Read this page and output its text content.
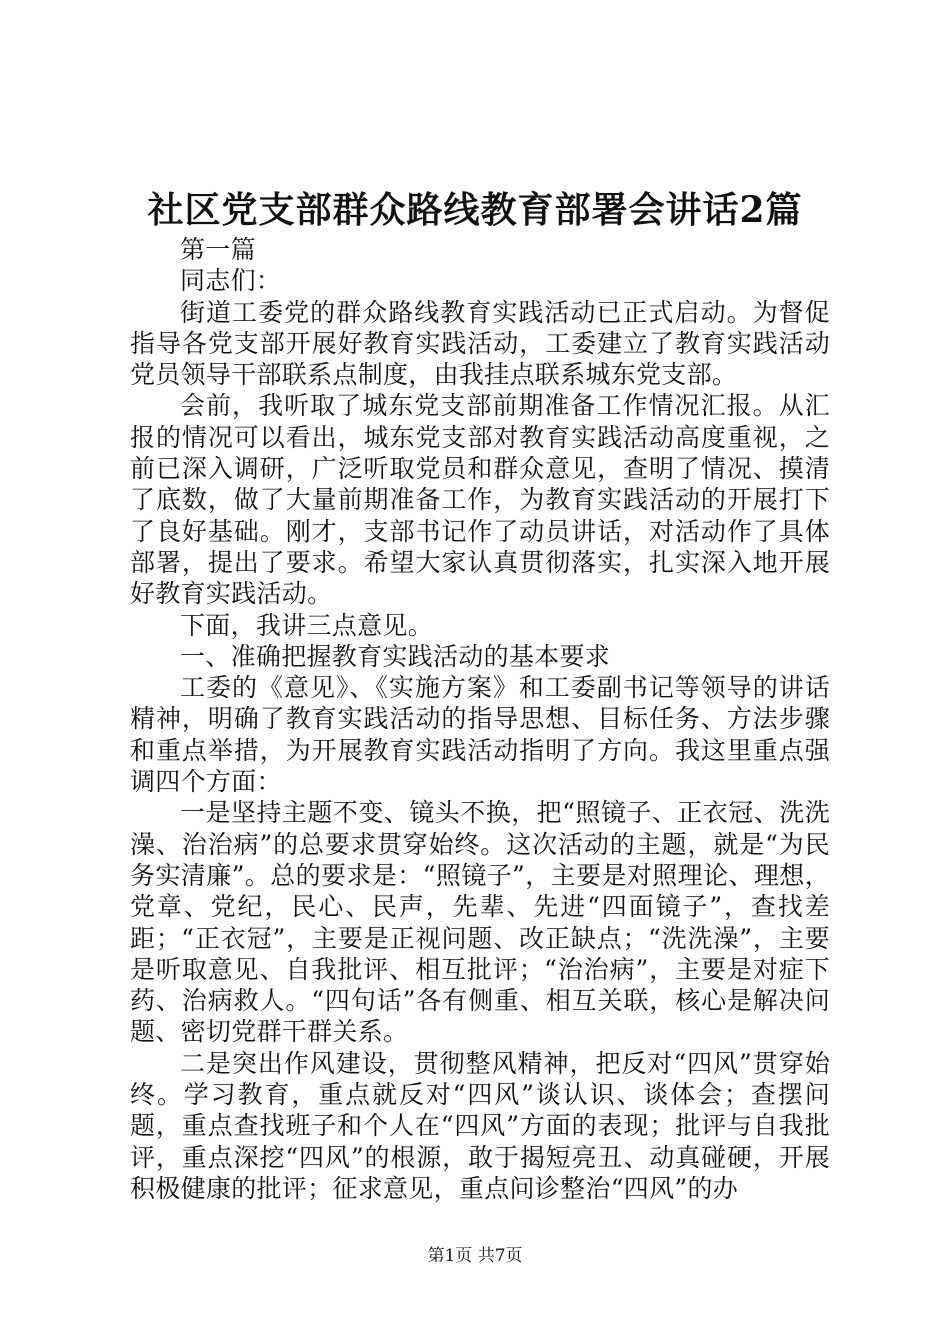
社区党支部群众路线教育部署会讲话2篇

第一篇

同志们：

街道工委党的群众路线教育实践活动已正式启动。为督促指导各党支部开展好教育实践活动，工委建立了教育实践活动党员领导干部联系点制度，由我挂点联系城东党支部。

会前，我听取了城东党支部前期准备工作情况汇报。从汇报的情况可以看出，城东党支部对教育实践活动高度重视，之前已深入调研，广泛听取党员和群众意见，查明了情况、摸清了底数，做了大量前期准备工作，为教育实践活动的开展打下了良好基础。刚才，支部书记作了动员讲话，对活动作了具体部署，提出了要求。希望大家认真贯彻落实，扎实深入地开展好教育实践活动。

下面，我讲三点意见。

一、准确把握教育实践活动的基本要求

工委的《意见》、《实施方案》和工委副书记等领导的讲话精神，明确了教育实践活动的指导思想、目标任务、方法步骤和重点举措，为开展教育实践活动指明了方向。我这里重点强调四个方面：

一是坚持主题不变、镜头不换，把“照镜子、正衣冠、洗洗澡、治治病”的总要求贯穿始终。这次活动的主题，就是“为民务实清廉”。总的要求是：“照镜子”，主要是对照理论、理想，党章、党纪，民心、民声，先辈、先进“四面镜子”，查找差距；“正衣冠”，主要是正视问题、改正缺点；“洗洗澡”，主要是听取意见、自我批评、相互批评；“治治病”，主要是对症下药、治病救人。“四句话”各有侧重、相互关联，核心是解决问题、密切党群干群关系。

二是突出作风建设，贯彻整风精神，把反对“四风”贯穿始终。学习教育，重点就反对“四风”谈认识、谈体会；查摆问题，重点查找班子和个人在“四风”方面的表现；批评与自我批评，重点深挖“四风”的根源，敢于揭短亮丑、动真碰硬，开展积极健康的批评；征求意见，重点问诊整治“四风”的办

第1页 共7页
